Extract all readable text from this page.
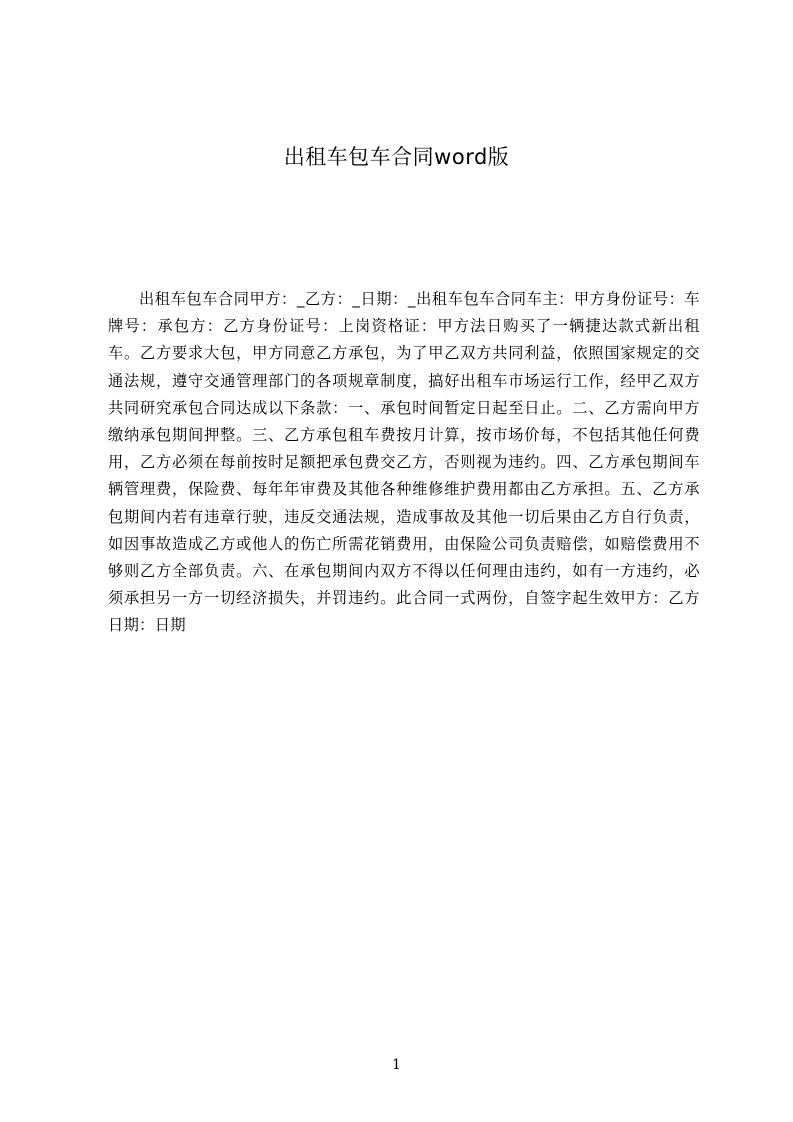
出租车包车合同word版

出租车包车合同甲方：_乙方：_日期：_出租车包车合同车主：甲方身份证号：车牌号：承包方：乙方身份证号：上岗资格证：甲方法日购买了一辆捷达款式新出租车。乙方要求大包，甲方同意乙方承包，为了甲乙双方共同利益，依照国家规定的交通法规，遵守交通管理部门的各项规章制度，搞好出租车市场运行工作，经甲乙双方共同研究承包合同达成以下条款：一、承包时间暂定日起至日止。二、乙方需向甲方缴纳承包期间押整。三、乙方承包租车费按月计算，按市场价每，不包括其他任何费用，乙方必须在每前按时足额把承包费交乙方，否则视为违约。四、乙方承包期间车辆管理费，保险费、每年年审费及其他各种维修维护费用都由乙方承担。五、乙方承包期间内若有违章行驶，违反交通法规，造成事故及其他一切后果由乙方自行负责，如因事故造成乙方或他人的伤亡所需花销费用，由保险公司负责赔偿，如赔偿费用不够则乙方全部负责。六、在承包期间内双方不得以任何理由违约，如有一方违约，必须承担另一方一切经济损失，并罚违约。此合同一式两份，自签字起生效甲方：乙方日期：日期

1
